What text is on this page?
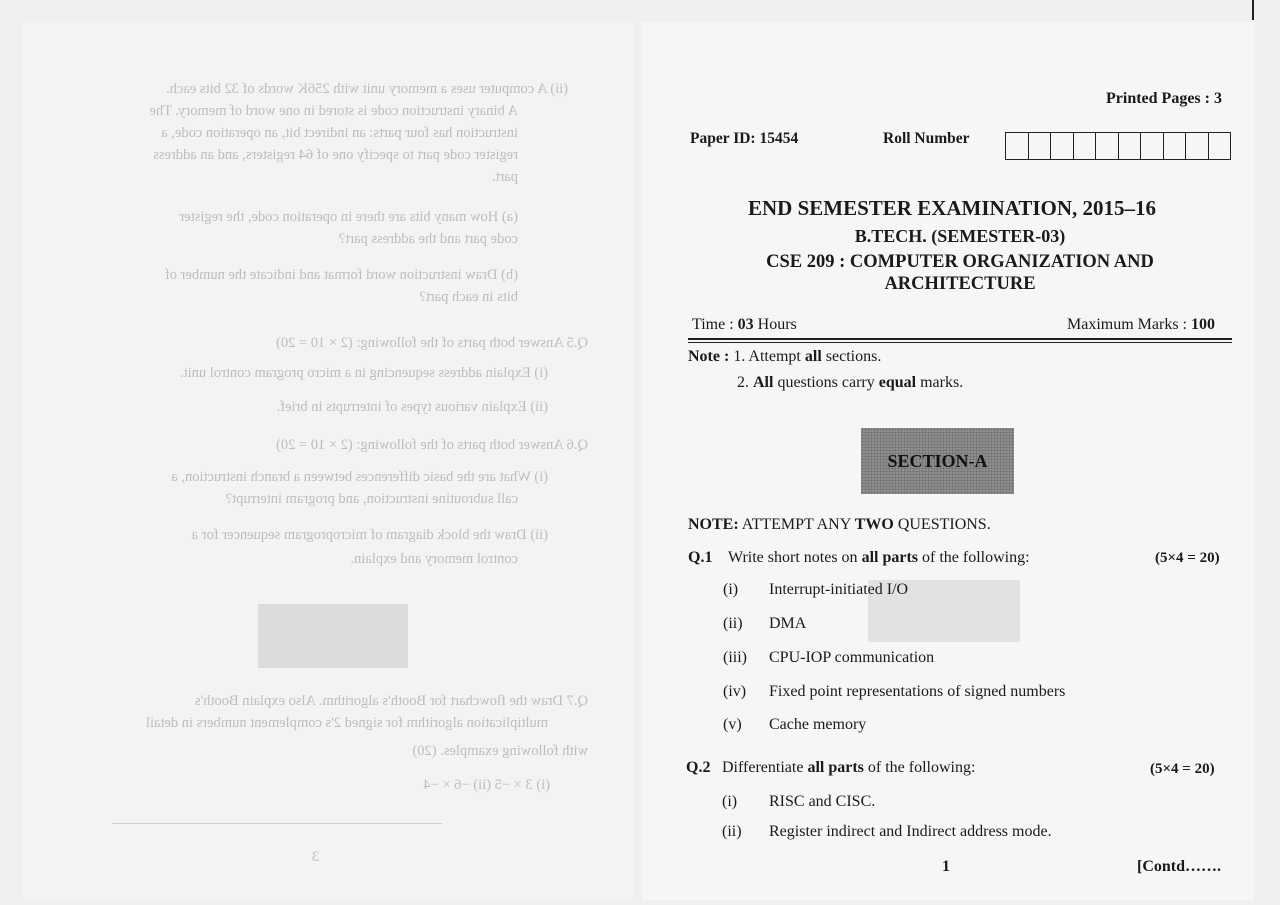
(ii) A computer uses a memory unit with 256K words of 32 bits each.
A binary instruction code is stored in one word of memory. The
instruction has four parts: an indirect bit, an operation code, a
register code part to specify one of 64 registers, and an address
part.
(a) How many bits are there in operation code, the register
code part and the address part?
(b) Draw instruction word format and indicate the number of
bits in each part?
Q.5 Answer both parts of the following: (2 × 10 = 20)
(i) Explain address sequencing in a micro program control unit.
(ii) Explain various types of interrupts in brief.
Q.6 Answer both parts of the following: (2 × 10 = 20)
(i) What are the basic differences between a branch instruction, a
call subroutine instruction, and program interrupt?
(ii) Draw the block diagram of microprogram sequencer for a
control memory and explain.
Q.7 Draw the flowchart for Booth's algorithm. Also explain Booth's
multiplication algorithm for signed 2's complement numbers in detail
with following examples. (20)
(i) 3 × −5 (ii) −6 × −4
3
Printed Pages : 3
Paper ID: 15454	Roll Number
END SEMESTER EXAMINATION, 2015–16
B.TECH. (SEMESTER-03)
CSE 209 : COMPUTER ORGANIZATION AND
ARCHITECTURE
Time : 03 Hours	Maximum Marks : 100
Note : 1. Attempt all sections.
2. All questions carry equal marks.
SECTION-A
NOTE: ATTEMPT ANY TWO QUESTIONS.
Q.1 Write short notes on all parts of the following:	(5×4 = 20)
(i) Interrupt-initiated I/O
(ii) DMA
(iii) CPU-IOP communication
(iv) Fixed point representations of signed numbers
(v) Cache memory
Q.2 Differentiate all parts of the following:	(5×4 = 20)
(i) RISC and CISC.
(ii) Register indirect and Indirect address mode.
1	[Contd…….
